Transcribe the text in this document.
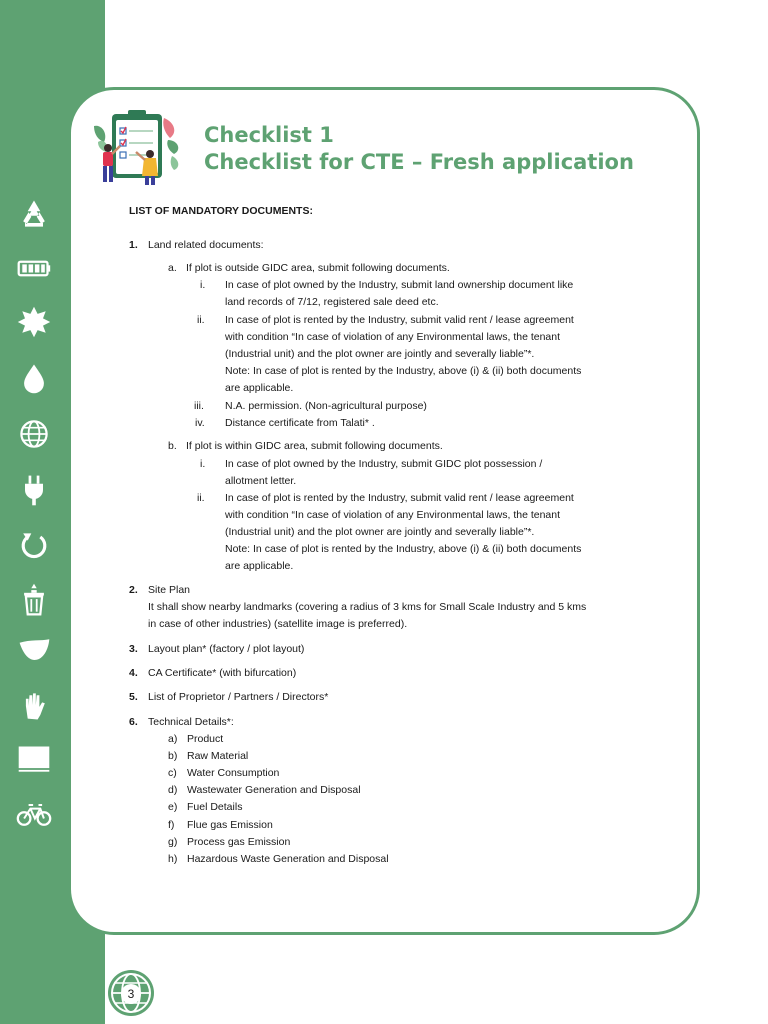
Checklist 1
Checklist for CTE – Fresh application
LIST OF MANDATORY DOCUMENTS:
1. Land related documents:
a. If plot is outside GIDC area, submit following documents.
i. In case of plot owned by the Industry, submit land ownership document like
land records of 7/12, registered sale deed etc.
ii. In case of plot is rented by the Industry, submit valid rent / lease agreement
with condition “In case of violation of any Environmental laws, the tenant
(Industrial unit) and the plot owner are jointly and severally liable”*.
Note: In case of plot is rented by the Industry, above (i) & (ii) both documents
are applicable.
iii. N.A. permission. (Non-agricultural purpose)
iv. Distance certificate from Talati* .
b. If plot is within GIDC area, submit following documents.
i. In case of plot owned by the Industry, submit GIDC plot possession /
allotment letter.
ii. In case of plot is rented by the Industry, submit valid rent / lease agreement
with condition “In case of violation of any Environmental laws, the tenant
(Industrial unit) and the plot owner are jointly and severally liable”*.
Note: In case of plot is rented by the Industry, above (i) & (ii) both documents
are applicable.
2. Site Plan
It shall show nearby landmarks (covering a radius of 3 kms for Small Scale Industry and 5 kms
in case of other industries) (satellite image is preferred).
3. Layout plan* (factory / plot layout)
4. CA Certificate* (with bifurcation)
5. List of Proprietor / Partners / Directors*
6. Technical Details*:
a) Product
b) Raw Material
c) Water Consumption
d) Wastewater Generation and Disposal
e) Fuel Details
f) Flue gas Emission
g) Process gas Emission
h) Hazardous Waste Generation and Disposal
3
